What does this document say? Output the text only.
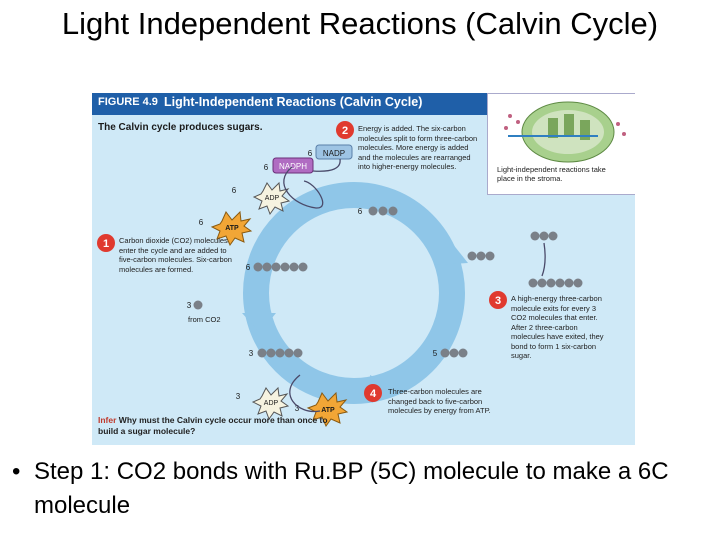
Light Independent Reactions (Calvin Cycle)
FIGURE 4.9 Light-Independent Reactions (Calvin Cycle)
The Calvin cycle produces sugars.
1
2
3
4
NADP
6
NADPH
6
ADP
6
ATP
6
6
6
5
3
3
from CO2
ADP
3
ATP
3
Light-independent reactions take place in the stroma.
Carbon dioxide (CO2) molecules enter the cycle and are added to five-carbon molecules. Six-carbon molecules are formed.
Energy is added. The six-carbon molecules split to form three-carbon molecules. More energy is added and the molecules are rearranged into higher-energy molecules.
A high-energy three-carbon molecule exits for every 3 CO2 molecules that enter. After 2 three-carbon molecules have exited, they bond to form 1 six-carbon sugar.
Three-carbon molecules are changed back to five-carbon molecules by energy from ATP.
Infer Why must the Calvin cycle occur more than once to build a sugar molecule?
• Step 1: CO2 bonds with Ru.BP (5C) molecule to make a 6C molecule
